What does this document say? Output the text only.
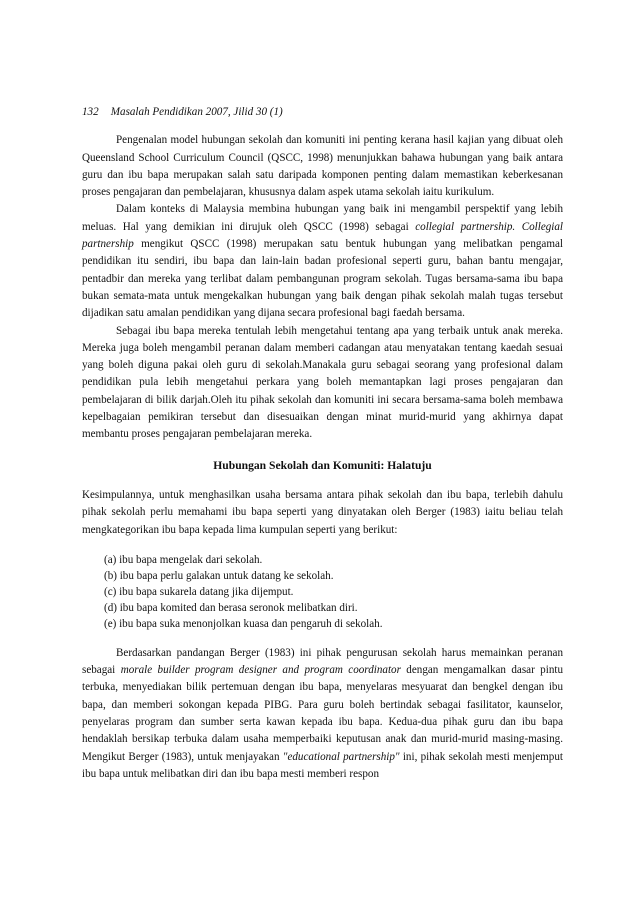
132 Masalah Pendidikan 2007, Jilid 30 (1)

Pengenalan model hubungan sekolah dan komuniti ini penting kerana hasil kajian yang dibuat oleh Queensland School Curriculum Council (QSCC, 1998) menunjukkan bahawa hubungan yang baik antara guru dan ibu bapa merupakan salah satu daripada komponen penting dalam memastikan keberkesanan proses pengajaran dan pembelajaran, khususnya dalam aspek utama sekolah iaitu kurikulum.

Dalam konteks di Malaysia membina hubungan yang baik ini mengambil perspektif yang lebih meluas. Hal yang demikian ini dirujuk oleh QSCC (1998) sebagai collegial partnership. Collegial partnership mengikut QSCC (1998) merupakan satu bentuk hubungan yang melibatkan pengamal pendidikan itu sendiri, ibu bapa dan lain-lain badan profesional seperti guru, bahan bantu mengajar, pentadbir dan mereka yang terlibat dalam pembangunan program sekolah. Tugas bersama-sama ibu bapa bukan semata-mata untuk mengekalkan hubungan yang baik dengan pihak sekolah malah tugas tersebut dijadikan satu amalan pendidikan yang dijana secara profesional bagi faedah bersama.

Sebagai ibu bapa mereka tentulah lebih mengetahui tentang apa yang terbaik untuk anak mereka. Mereka juga boleh mengambil peranan dalam memberi cadangan atau menyatakan tentang kaedah sesuai yang boleh diguna pakai oleh guru di sekolah.Manakala guru sebagai seorang yang profesional dalam pendidikan pula lebih mengetahui perkara yang boleh memantapkan lagi proses pengajaran dan pembelajaran di bilik darjah.Oleh itu pihak sekolah dan komuniti ini secara bersama-sama boleh membawa kepelbagaian pemikiran tersebut dan disesuaikan dengan minat murid-murid yang akhirnya dapat membantu proses pengajaran pembelajaran mereka.

Hubungan Sekolah dan Komuniti: Halatuju

Kesimpulannya, untuk menghasilkan usaha bersama antara pihak sekolah dan ibu bapa, terlebih dahulu pihak sekolah perlu memahami ibu bapa seperti yang dinyatakan oleh Berger (1983) iaitu beliau telah mengkategorikan ibu bapa kepada lima kumpulan seperti yang berikut:

(a) ibu bapa mengelak dari sekolah.
(b) ibu bapa perlu galakan untuk datang ke sekolah.
(c) ibu bapa sukarela datang jika dijemput.
(d) ibu bapa komited dan berasa seronok melibatkan diri.
(e) ibu bapa suka menonjolkan kuasa dan pengaruh di sekolah.

Berdasarkan pandangan Berger (1983) ini pihak pengurusan sekolah harus memainkan peranan sebagai morale builder program designer and program coordinator dengan mengamalkan dasar pintu terbuka, menyediakan bilik pertemuan dengan ibu bapa, menyelaras mesyuarat dan bengkel dengan ibu bapa, dan memberi sokongan kepada PIBG. Para guru boleh bertindak sebagai fasilitator, kaunselor, penyelaras program dan sumber serta kawan kepada ibu bapa. Kedua-dua pihak guru dan ibu bapa hendaklah bersikap terbuka dalam usaha memperbaiki keputusan anak dan murid-murid masing-masing. Mengikut Berger (1983), untuk menjayakan "educational partnership" ini, pihak sekolah mesti menjemput ibu bapa untuk melibatkan diri dan ibu bapa mesti memberi respon
